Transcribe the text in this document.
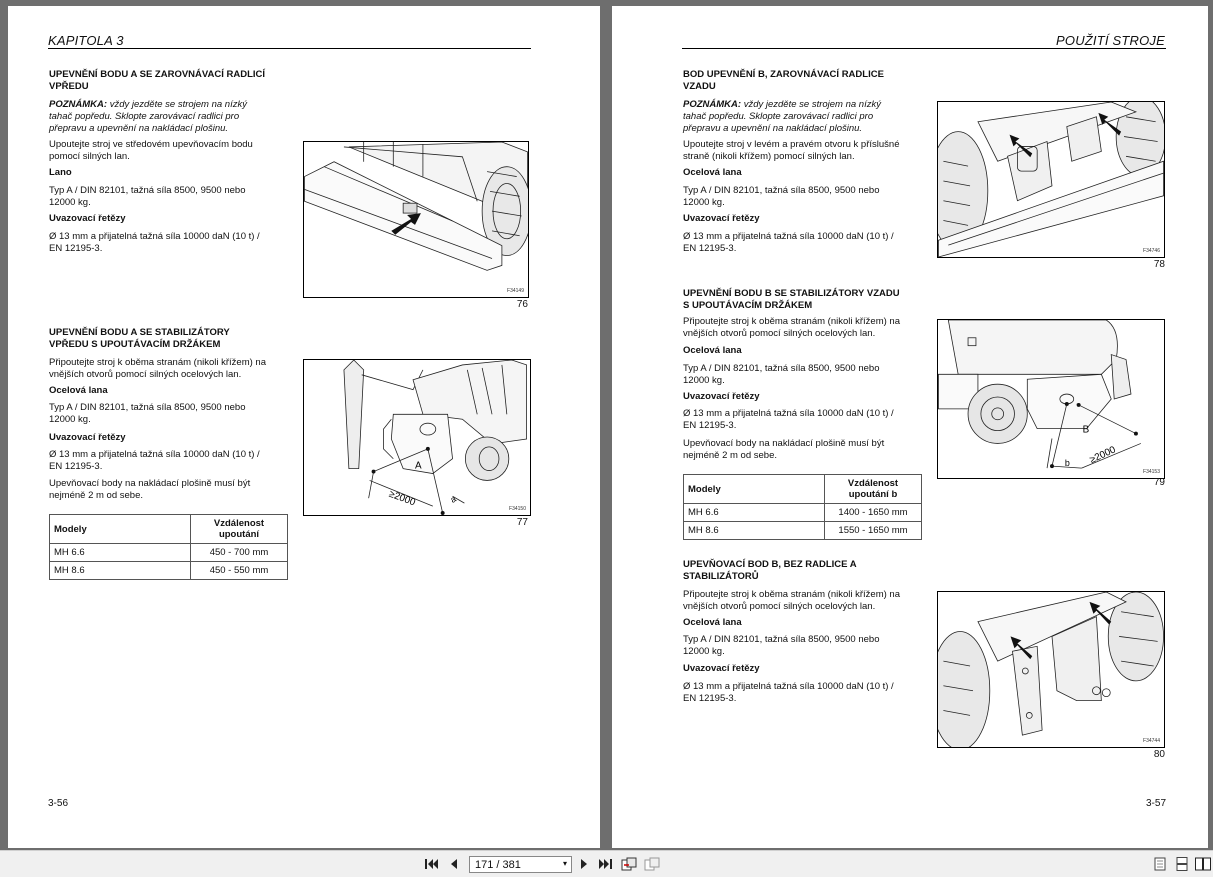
KAPITOLA 3
UPEVNĚNÍ BODU A SE ZAROVNÁVACÍ RADLICÍ
VPŘEDU
POZNÁMKA: vždy jezděte se strojem na nízký
tahač popředu. Sklopte zarovávací radlici pro
přepravu a upevnění na nakládací plošinu.
Upoutejte stroj ve středovém upevňovacím bodu
pomocí silných lan.
Lano
Typ A / DIN 82101, tažná síla 8500, 9500 nebo
12000 kg.
Uvazovací řetězy
Ø 13 mm a přijatelná tažná síla 10000 daN (10 t) /
EN 12195-3.
F34149
76
UPEVNĚNÍ BODU A SE STABILIZÁTORY
VPŘEDU S UPOUTÁVACÍM DRŽÁKEM
Připoutejte stroj k oběma stranám (nikoli křížem) na
vnějších otvorů pomocí silných ocelových lan.
Ocelová lana
Typ A / DIN 82101, tažná síla 8500, 9500 nebo
12000 kg.
Uvazovací řetězy
Ø 13 mm a přijatelná tažná síla 10000 daN (10 t) /
EN 12195-3.
Upevňovací body na nakládací plošině musí být
nejméně 2 m od sebe.
A
≥2000	a
F34150
77
Modely	Vzdálenost
upoutání

MH 6.6	450 - 700 mm
MH 8.6	450 - 550 mm
3-56
POUŽITÍ STROJE
BOD UPEVNĚNÍ B, ZAROVNÁVACÍ RADLICE
VZADU
POZNÁMKA: vždy jezděte se strojem na nízký
tahač popředu. Sklopte zarovávací radlici pro
přepravu a upevnění na nakládací plošinu.
Upoutejte stroj v levém a pravém otvoru k příslušné
straně (nikoli křížem) pomocí silných lan.
Ocelová lana
Typ A / DIN 82101, tažná síla 8500, 9500 nebo
12000 kg.
Uvazovací řetězy
Ø 13 mm a přijatelná tažná síla 10000 daN (10 t) /
EN 12195-3.	F34746
78
UPEVNĚNÍ BODU B SE STABILIZÁTORY VZADU
S UPOUTÁVACÍM DRŽÁKEM
Připoutejte stroj k oběma stranám (nikoli křížem) na
vnějších otvorů pomocí silných ocelových lan.
Ocelová lana
Typ A / DIN 82101, tažná síla 8500, 9500 nebo
12000 kg.
Uvazovací řetězy
Ø 13 mm a přijatelná tažná síla 10000 daN (10 t) /
EN 12195-3.
Upevňovací body na nakládací plošině musí být
nejméně 2 m od sebe.
B
≥2000
b
F34153
79
Modely	Vzdálenost
upoutání b

MH 6.6	1400 - 1650 mm
MH 8.6	1550 - 1650 mm
UPEVŇOVACÍ BOD B, BEZ RADLICE A
STABILIZÁTORŮ
Připoutejte stroj k oběma stranám (nikoli křížem) na
vnějších otvorů pomocí silných ocelových lan.
Ocelová lana
Typ A / DIN 82101, tažná síla 8500, 9500 nebo
12000 kg.
Uvazovací řetězy
Ø 13 mm a přijatelná tažná síla 10000 daN (10 t) /
EN 12195-3.
F34744
80
3-57
171 / 381	▾
